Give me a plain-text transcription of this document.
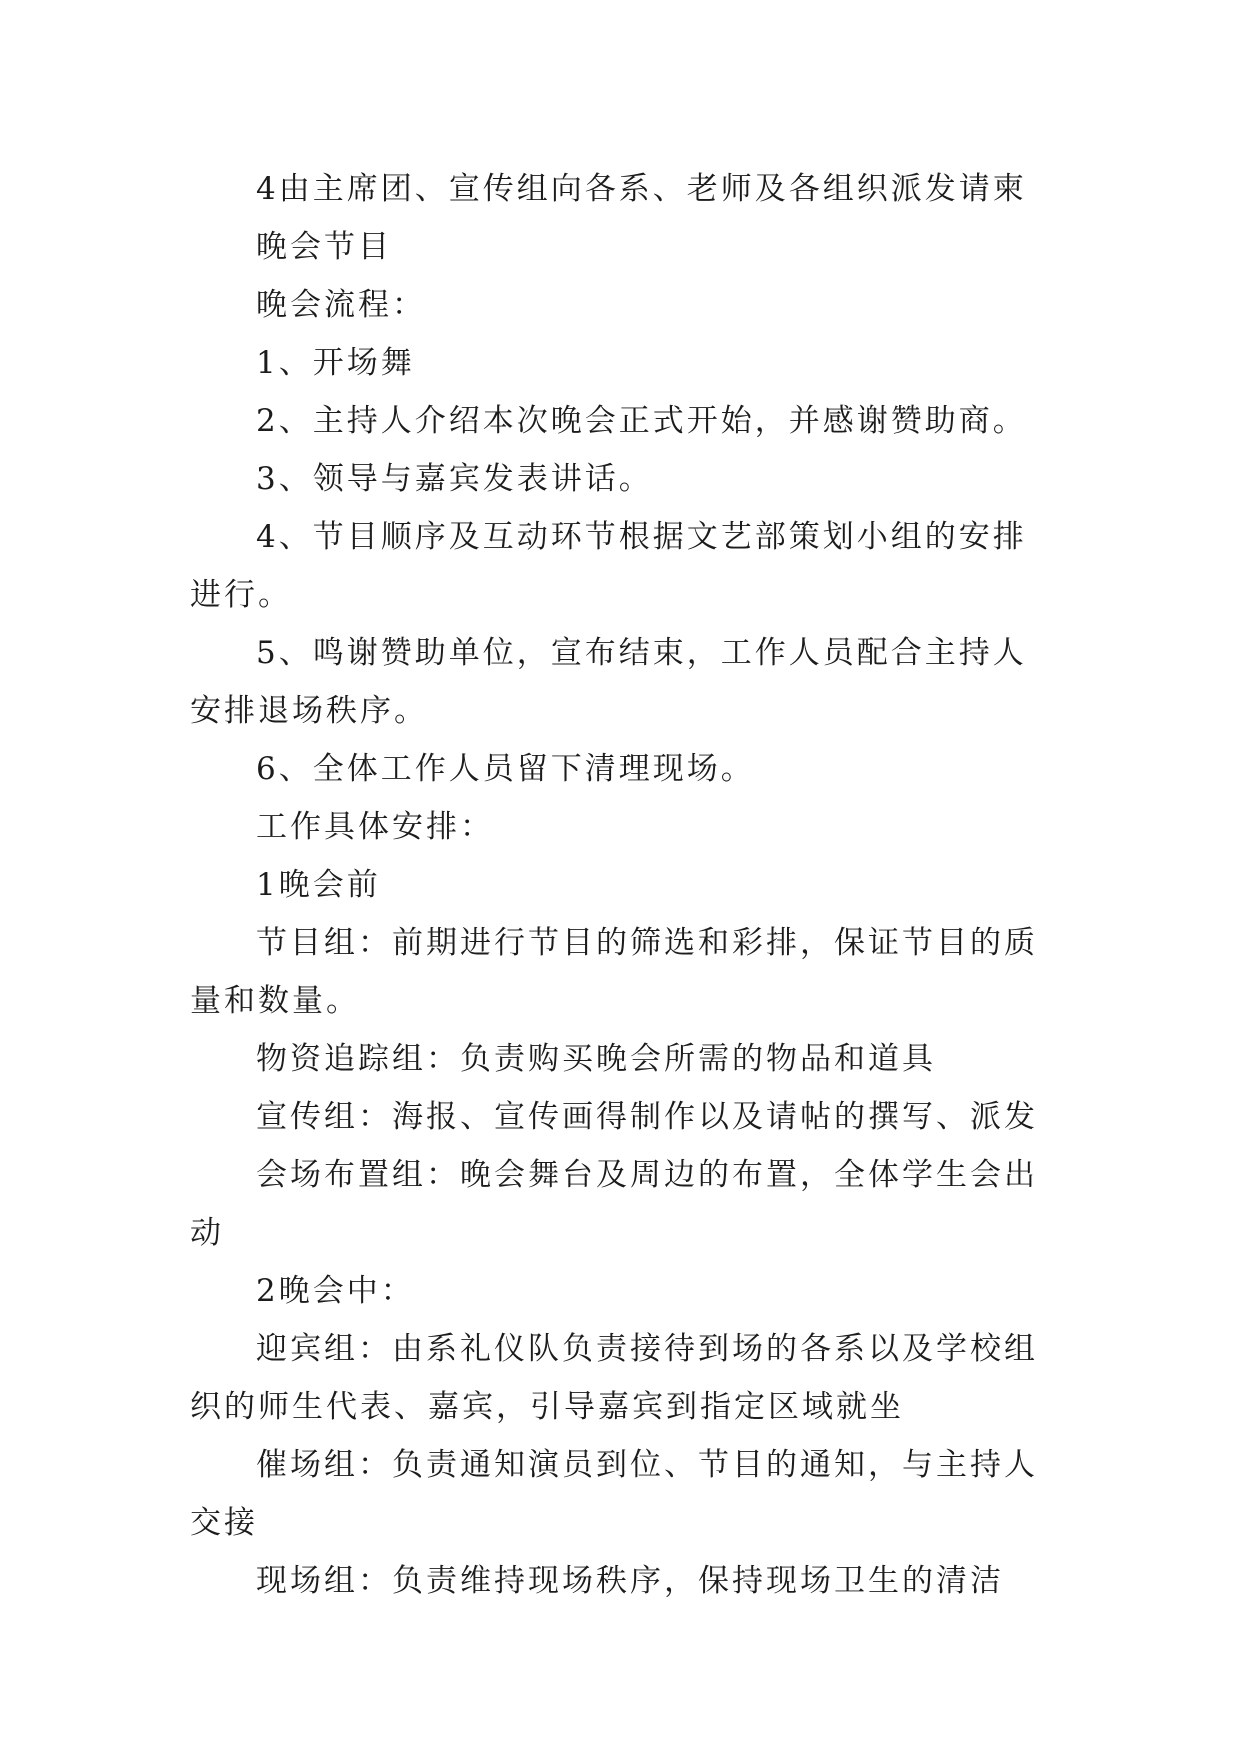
4由主席团、宣传组向各系、老师及各组织派发请柬

晚会节目

晚会流程：

1、开场舞

2、主持人介绍本次晚会正式开始，并感谢赞助商。

3、领导与嘉宾发表讲话。

4、节目顺序及互动环节根据文艺部策划小组的安排进行。

5、鸣谢赞助单位，宣布结束，工作人员配合主持人安排退场秩序。

6、全体工作人员留下清理现场。

工作具体安排：

1晚会前

节目组：前期进行节目的筛选和彩排，保证节目的质量和数量。

物资追踪组：负责购买晚会所需的物品和道具

宣传组：海报、宣传画得制作以及请帖的撰写、派发

会场布置组：晚会舞台及周边的布置，全体学生会出动

2晚会中：

迎宾组：由系礼仪队负责接待到场的各系以及学校组织的师生代表、嘉宾，引导嘉宾到指定区域就坐

催场组：负责通知演员到位、节目的通知，与主持人交接

现场组：负责维持现场秩序，保持现场卫生的清洁
